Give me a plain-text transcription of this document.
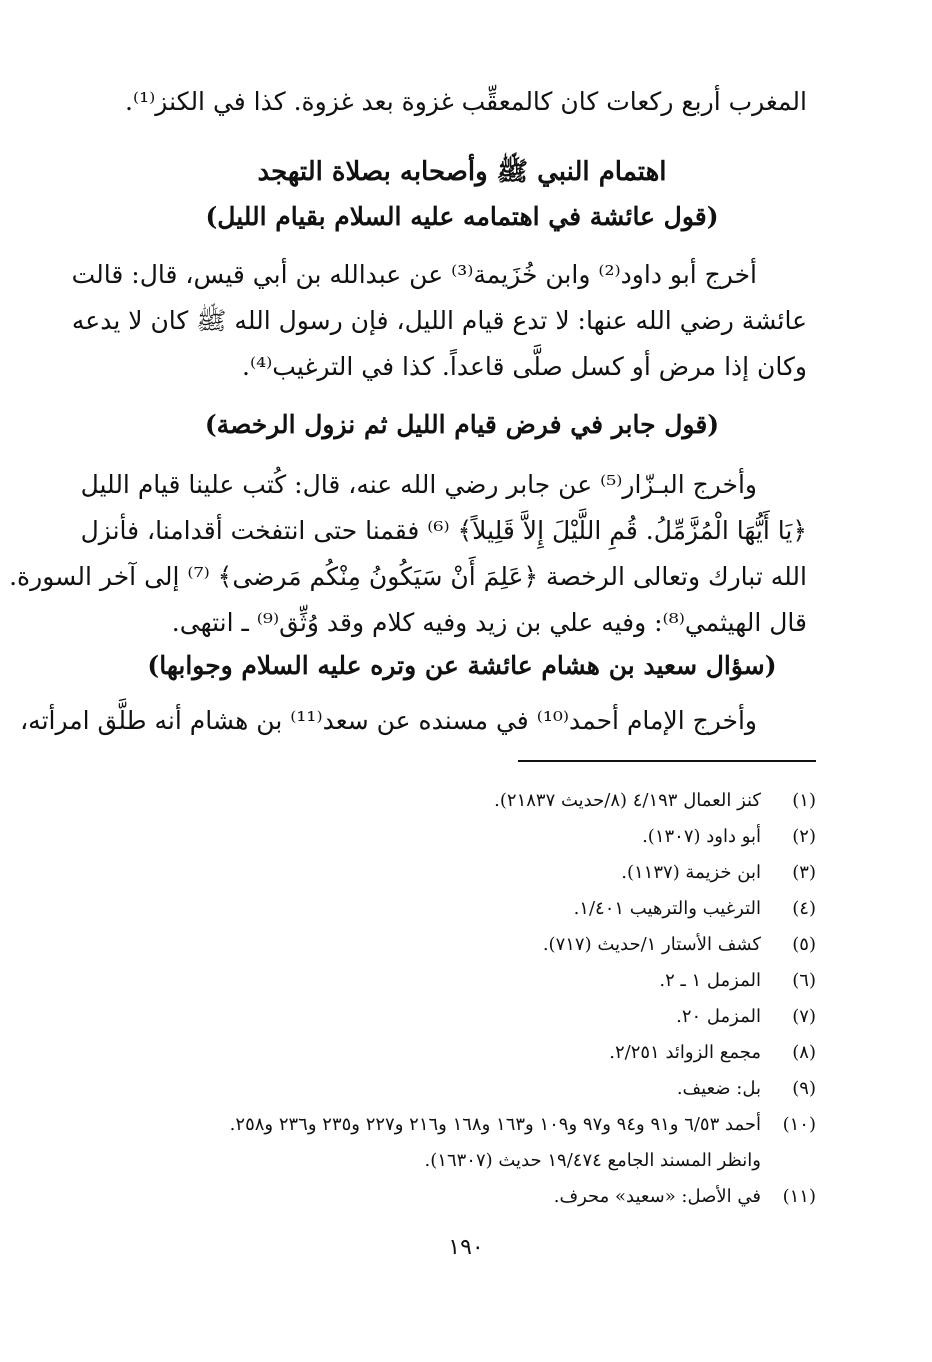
المغرب أربع ركعات كان كالمعقِّب غزوة بعد غزوة. كذا في الكنز⁽¹⁾.
اهتمام النبي ﷺ وأصحابه بصلاة التهجد
(قول عائشة في اهتمامه عليه السلام بقيام الليل)
أخرج أبو داود⁽²⁾ وابن خُزَيمة⁽³⁾ عن عبدالله بن أبي قيس، قال: قالت
عائشة رضي الله عنها: لا تدع قيام الليل، فإن رسول الله ﷺ كان لا يدعه
وكان إذا مرض أو كسل صلَّى قاعداً. كذا في الترغيب⁽⁴⁾.
(قول جابر في فرض قيام الليل ثم نزول الرخصة)
وأخرج البـزّار⁽⁵⁾ عن جابر رضي الله عنه، قال: كُتب علينا قيام الليل
﴿يَا أَيُّهَا الْمُزَّمِّلُ. قُمِ اللَّيْلَ إِلاَّ قَلِيلاً﴾ ⁽⁶⁾ فقمنا حتى انتفخت أقدامنا، فأنزل
الله تبارك وتعالى الرخصة ﴿عَلِمَ أَنْ سَيَكُونُ مِنْكُم مَرضى﴾ ⁽⁷⁾ إلى آخر السورة.
قال الهيثمي⁽⁸⁾: وفيه علي بن زيد وفيه كلام وقد وُثِّق⁽⁹⁾ ـ انتهى.
(سؤال سعيد بن هشام عائشة عن وتره عليه السلام وجوابها)
وأخرج الإمام أحمد⁽¹⁰⁾ في مسنده عن سعد⁽¹¹⁾ بن هشام أنه طلَّق امرأته،
(١)
كنز العمال ٤/١٩٣ (٨/حديث ٢١٨٣٧).
(٢)
أبو داود (١٣٠٧).
(٣)
ابن خزيمة (١١٣٧).
(٤)
الترغيب والترهيب ١/٤٠١.
(٥)
كشف الأستار ١/حديث (٧١٧).
(٦)
المزمل ١ ـ ٢.
(٧)
المزمل ٢٠.
(٨)
مجمع الزوائد ٢/٢٥١.
(٩)
بل: ضعيف.
(١٠)
أحمد ٦/٥٣ و٩١ و٩٤ و٩٧ و١٠٩ و١٦٣ و١٦٨ و٢١٦ و٢٢٧ و٢٣٥ و٢٣٦ و٢٥٨.
وانظر المسند الجامع ١٩/٤٧٤ حديث (١٦٣٠٧).
(١١)
في الأصل: «سعيد» محرف.
١٩٠
